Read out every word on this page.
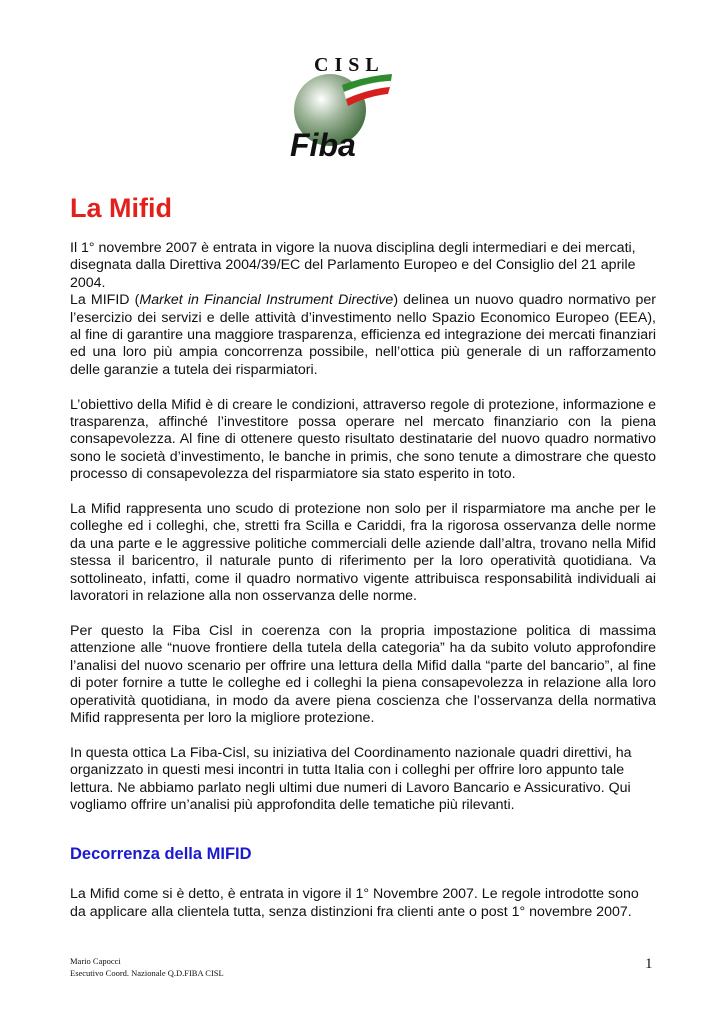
CISL
Fiba
La Mifid

Il 1° novembre 2007 è entrata in vigore la nuova disciplina degli intermediari e dei mercati, disegnata dalla Direttiva 2004/39/EC del Parlamento Europeo e del Consiglio del 21 aprile 2004.

La MIFID (Market in Financial Instrument Directive) delinea un nuovo quadro normativo per l’esercizio dei servizi e delle attività d’investimento nello Spazio Economico Europeo (EEA), al fine di garantire una maggiore trasparenza, efficienza ed integrazione dei mercati finanziari ed una loro più ampia concorrenza possibile, nell’ottica più generale di un rafforzamento delle garanzie a tutela dei risparmiatori.

L’obiettivo della Mifid è di creare le condizioni, attraverso regole di protezione, informazione e trasparenza, affinché l’investitore possa operare nel mercato finanziario con la piena consapevolezza. Al fine di ottenere questo risultato destinatarie del nuovo quadro normativo sono le società d’investimento, le banche in primis, che sono tenute a dimostrare che questo processo di consapevolezza del risparmiatore sia stato esperito in toto.

La Mifid rappresenta uno scudo di protezione non solo per il risparmiatore ma anche per le colleghe ed i colleghi, che, stretti fra Scilla e Cariddi, fra la rigorosa osservanza delle norme da una parte e le aggressive politiche commerciali delle aziende dall’altra, trovano nella Mifid stessa il baricentro, il naturale punto di riferimento per la loro operatività quotidiana. Va sottolineato, infatti, come il quadro normativo vigente attribuisca responsabilità individuali ai lavoratori in relazione alla non osservanza delle norme.

Per questo la Fiba Cisl in coerenza con la propria impostazione politica di massima attenzione alle “nuove frontiere della tutela della categoria” ha da subito voluto approfondire l’analisi del nuovo scenario per offrire una lettura della Mifid dalla “parte del bancario”, al fine di poter fornire a tutte le colleghe ed i colleghi la piena consapevolezza in relazione alla loro operatività quotidiana, in modo da avere piena coscienza che l’osservanza della normativa Mifid rappresenta per loro la migliore protezione.

In questa ottica La Fiba-Cisl, su iniziativa del Coordinamento nazionale quadri direttivi, ha organizzato in questi mesi incontri in tutta Italia con i colleghi per offrire loro appunto tale lettura. Ne abbiamo parlato negli ultimi due numeri di Lavoro Bancario e Assicurativo. Qui vogliamo offrire un’analisi più approfondita delle tematiche più rilevanti.

Decorrenza della MIFID

La Mifid come si è detto, è entrata in vigore il 1° Novembre 2007. Le regole introdotte sono da applicare alla clientela tutta, senza distinzioni fra clienti ante o post 1° novembre 2007.

Mario Capocci
Esecutivo Coord. Nazionale Q.D.FIBA CISL
1
